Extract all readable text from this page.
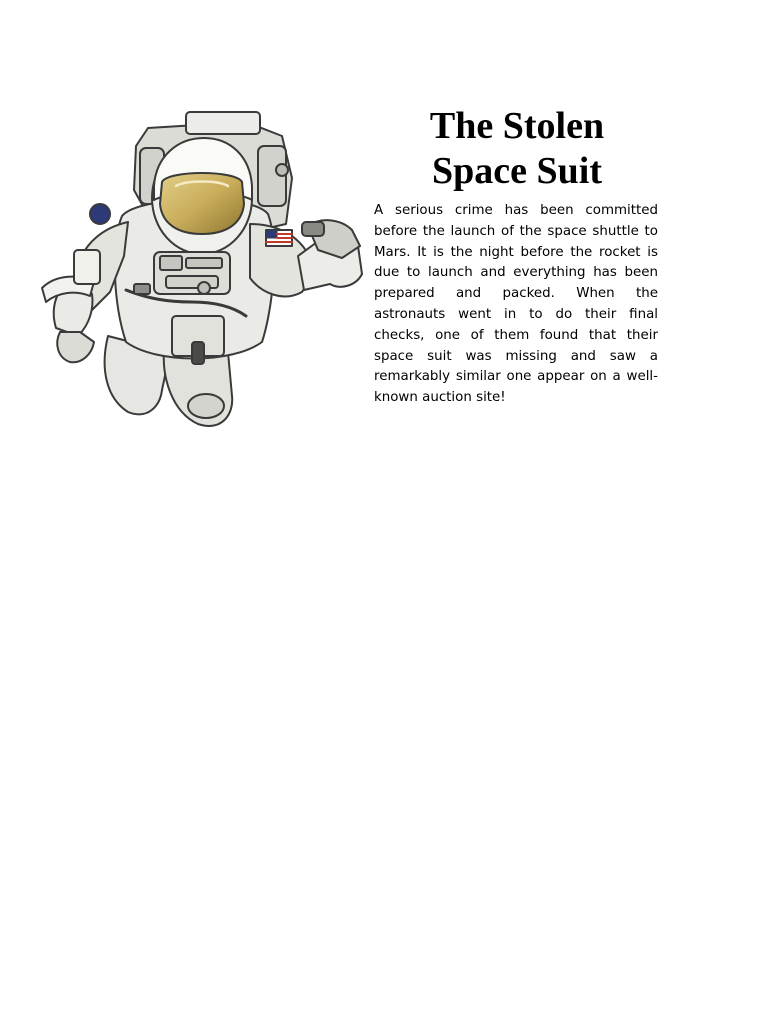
The Stolen
Space Suit

A serious crime has been committed before the launch of the space shuttle to Mars. It is the night before the rocket is due to launch and everything has been prepared and packed. When the astronauts went in to do their final checks, one of them found that their space suit was missing and saw a remarkably similar one appear on a well-known auction site!
